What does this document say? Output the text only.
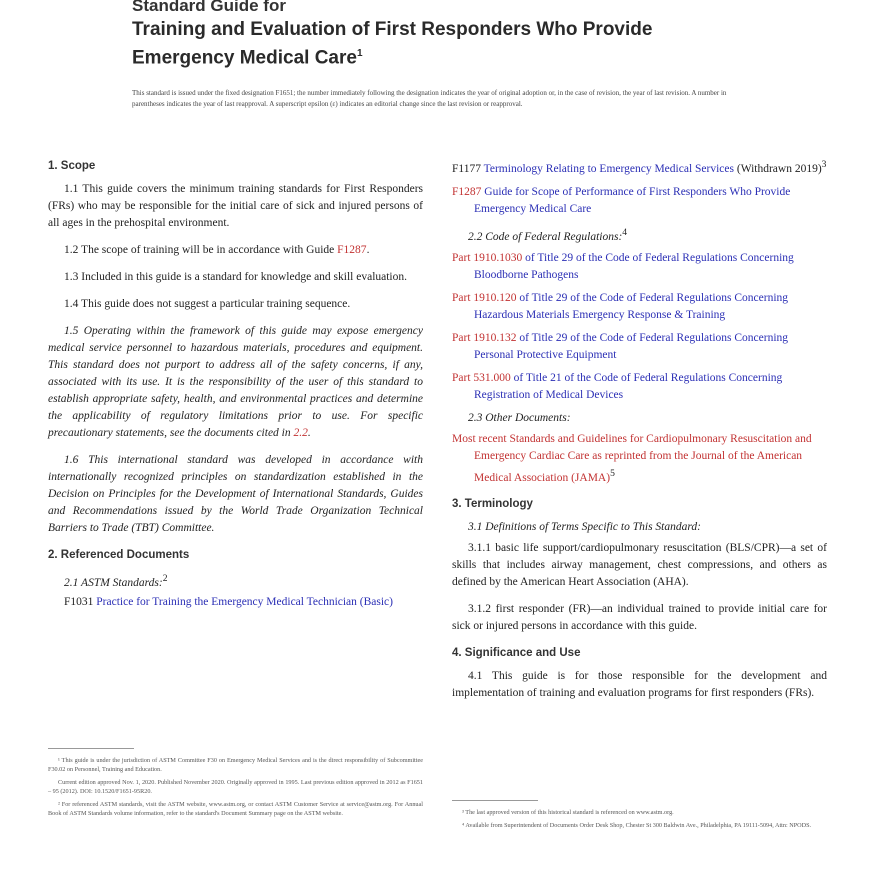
Standard Guide for
Training and Evaluation of First Responders Who Provide
Emergency Medical Care$^1$
This standard is issued under the fixed designation F1651; the number immediately following the designation indicates the year of original adoption or, in the case of revision, the year of last revision. A number in parentheses indicates the year of last reapproval. A superscript epsilon (ε) indicates an editorial change since the last revision or reapproval.
1. Scope

1.1 This guide covers the minimum training standards for First Responders (FRs) who may be responsible for the initial care of sick and injured persons of all ages in the prehospital environment.

1.2 The scope of training will be in accordance with Guide F1287.

1.3 Included in this guide is a standard for knowledge and skill evaluation.

1.4 This guide does not suggest a particular training sequence.

1.5 Operating within the framework of this guide may expose emergency medical service personnel to hazardous materials, procedures and equipment. This standard does not purport to address all of the safety concerns, if any, associated with its use. It is the responsibility of the user of this standard to establish appropriate safety, health, and environmental practices and determine the applicability of regulatory limitations prior to use. For specific precautionary statements, see the documents cited in 2.2.

1.6 This international standard was developed in accordance with internationally recognized principles on standardization established in the Decision on Principles for the Development of International Standards, Guides and Recommendations issued by the World Trade Organization Technical Barriers to Trade (TBT) Committee.

2. Referenced Documents

2.1 ASTM Standards:$^2$

F1031 Practice for Training the Emergency Medical Technician (Basic)

¹ This guide is under the jurisdiction of ASTM Committee F30 on Emergency Medical Services and is the direct responsibility of Subcommittee F30.02 on Personnel, Training and Education.

Current edition approved Nov. 1, 2020. Published November 2020. Originally approved in 1995. Last previous edition approved in 2012 as F1651 – 95 (2012). DOI: 10.1520/F1651-95R20.

² For referenced ASTM standards, visit the ASTM website, www.astm.org, or contact ASTM Customer Service at service@astm.org. For Annual Book of ASTM Standards volume information, refer to the standard's Document Summary page on the ASTM website.

F1177 Terminology Relating to Emergency Medical Services (Withdrawn 2019)$^3$

F1287 Guide for Scope of Performance of First Responders Who Provide Emergency Medical Care

2.2 Code of Federal Regulations:$^4$

Part 1910.1030 of Title 29 of the Code of Federal Regulations Concerning Bloodborne Pathogens

Part 1910.120 of Title 29 of the Code of Federal Regulations Concerning Hazardous Materials Emergency Response & Training

Part 1910.132 of Title 29 of the Code of Federal Regulations Concerning Personal Protective Equipment

Part 531.000 of Title 21 of the Code of Federal Regulations Concerning Registration of Medical Devices

2.3 Other Documents:

Most recent Standards and Guidelines for Cardiopulmonary Resuscitation and Emergency Cardiac Care as reprinted from the Journal of the American Medical Association (JAMA)$^5$

3. Terminology

3.1 Definitions of Terms Specific to This Standard:

3.1.1 basic life support/cardiopulmonary resuscitation (BLS/CPR)—a set of skills that includes airway management, chest compressions, and others as defined by the American Heart Association (AHA).

3.1.2 first responder (FR)—an individual trained to provide initial care for sick or injured persons in accordance with this guide.

4. Significance and Use

4.1 This guide is for those responsible for the development and implementation of training and evaluation programs for first responders (FRs).

³ The last approved version of this historical standard is referenced on www.astm.org.

⁴ Available from Superintendent of Documents Order Desk Shop, Chester St 300 Baldwin Ave., Philadelphia, PA 19111-5094, Attn: NPODS.
